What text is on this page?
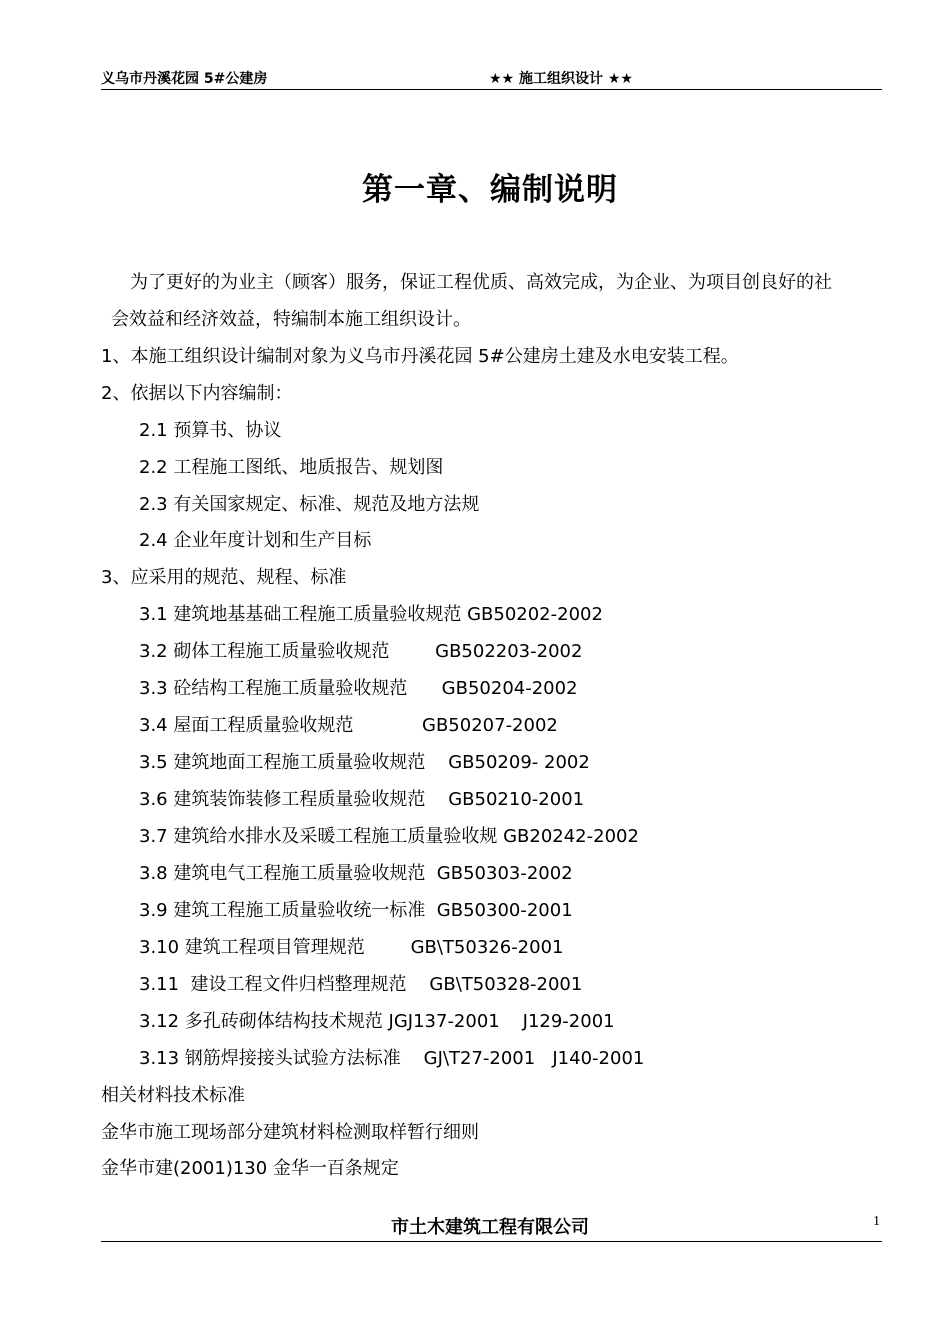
义乌市丹溪花园 5#公建房	★★ 施工组织设计 ★★
第一章、编制说明
为了更好的为业主（顾客）服务，保证工程优质、高效完成，为企业、为项目创良好的社
会效益和经济效益，特编制本施工组织设计。
1、本施工组织设计编制对象为义乌市丹溪花园 5#公建房土建及水电安装工程。
2、依据以下内容编制：
2.1 预算书、协议
2.2 工程施工图纸、地质报告、规划图
2.3 有关国家规定、标准、规范及地方法规
2.4 企业年度计划和生产目标
3、应采用的规范、规程、标准
3.1 建筑地基基础工程施工质量验收规范 GB50202-2002
3.2 砌体工程施工质量验收规范        GB502203-2002
3.3 砼结构工程施工质量验收规范      GB50204-2002
3.4 屋面工程质量验收规范            GB50207-2002
3.5 建筑地面工程施工质量验收规范    GB50209- 2002
3.6 建筑装饰装修工程质量验收规范    GB50210-2001
3.7 建筑给水排水及采暖工程施工质量验收规 GB20242-2002
3.8 建筑电气工程施工质量验收规范  GB50303-2002
3.9 建筑工程施工质量验收统一标准  GB50300-2001
3.10 建筑工程项目管理规范        GB\T50326-2001
3.11  建设工程文件归档整理规范    GB\T50328-2001
3.12 多孔砖砌体结构技术规范 JGJ137-2001    J129-2001
3.13 钢筋焊接接头试验方法标准    GJ\T27-2001   J140-2001
相关材料技术标准
金华市施工现场部分建筑材料检测取样暂行细则
金华市建(2001)130 金华一百条规定
市土木建筑工程有限公司	1
